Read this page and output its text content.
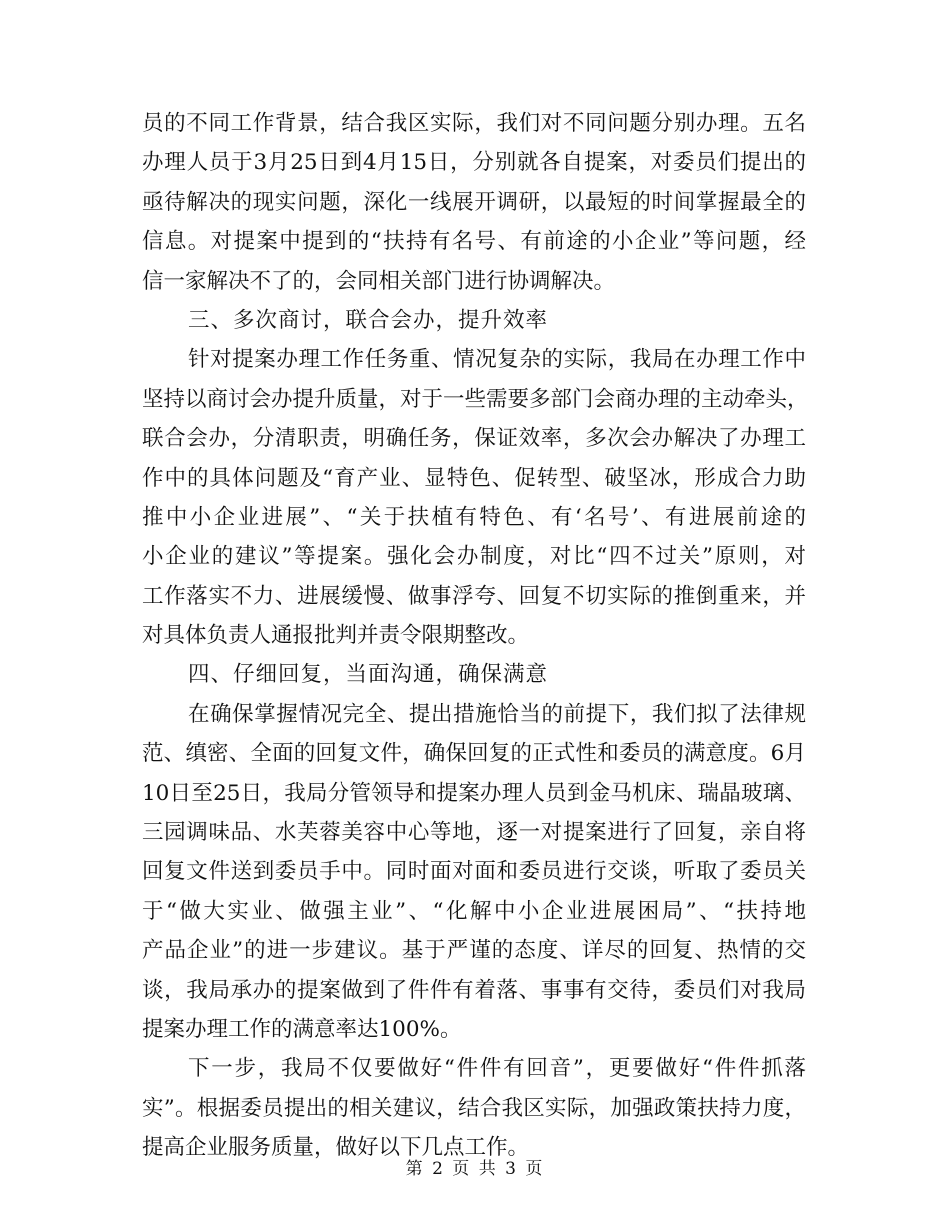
员的不同工作背景，结合我区实际，我们对不同问题分别办理。五名
办理人员于3月25日到4月15日，分别就各自提案，对委员们提出的
亟待解决的现实问题，深化一线展开调研，以最短的时间掌握最全的
信息。对提案中提到的“扶持有名号、有前途的小企业”等问题，经
信一家解决不了的，会同相关部门进行协调解决。
三、多次商讨，联合会办，提升效率
针对提案办理工作任务重、情况复杂的实际，我局在办理工作中
坚持以商讨会办提升质量，对于一些需要多部门会商办理的主动牵头，
联合会办，分清职责，明确任务，保证效率，多次会办解决了办理工
作中的具体问题及“育产业、显特色、促转型、破坚冰，形成合力助
推中小企业进展”、“关于扶植有特色、有‘名号’、有进展前途的
小企业的建议”等提案。强化会办制度，对比“四不过关”原则，对
工作落实不力、进展缓慢、做事浮夸、回复不切实际的推倒重来，并
对具体负责人通报批判并责令限期整改。
四、仔细回复，当面沟通，确保满意
在确保掌握情况完全、提出措施恰当的前提下，我们拟了法律规
范、缜密、全面的回复文件，确保回复的正式性和委员的满意度。6月
10日至25日，我局分管领导和提案办理人员到金马机床、瑞晶玻璃、
三园调味品、水芙蓉美容中心等地，逐一对提案进行了回复，亲自将
回复文件送到委员手中。同时面对面和委员进行交谈，听取了委员关
于“做大实业、做强主业”、“化解中小企业进展困局”、“扶持地
产品企业”的进一步建议。基于严谨的态度、详尽的回复、热情的交
谈，我局承办的提案做到了件件有着落、事事有交待，委员们对我局
提案办理工作的满意率达100%。
下一步，我局不仅要做好“件件有回音”，更要做好“件件抓落
实”。根据委员提出的相关建议，结合我区实际，加强政策扶持力度，
提高企业服务质量，做好以下几点工作。
第 2 页 共 3 页
